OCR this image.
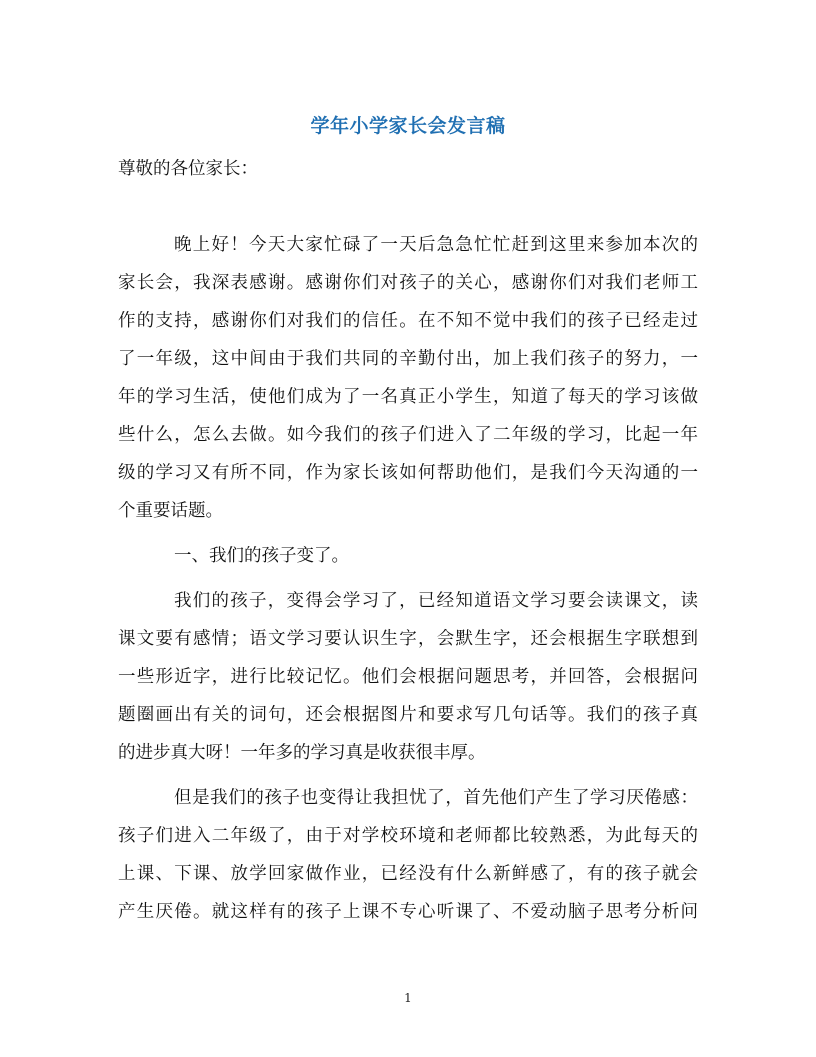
学年小学家长会发言稿
尊敬的各位家长：
晚上好！今天大家忙碌了一天后急急忙忙赶到这里来参加本次的
家长会，我深表感谢。感谢你们对孩子的关心，感谢你们对我们老师工
作的支持，感谢你们对我们的信任。在不知不觉中我们的孩子已经走过
了一年级，这中间由于我们共同的辛勤付出，加上我们孩子的努力，一
年的学习生活，使他们成为了一名真正小学生，知道了每天的学习该做
些什么，怎么去做。如今我们的孩子们进入了二年级的学习，比起一年
级的学习又有所不同，作为家长该如何帮助他们，是我们今天沟通的一
个重要话题。
一、我们的孩子变了。
我们的孩子，变得会学习了，已经知道语文学习要会读课文，读
课文要有感情；语文学习要认识生字，会默生字，还会根据生字联想到
一些形近字，进行比较记忆。他们会根据问题思考，并回答，会根据问
题圈画出有关的词句，还会根据图片和要求写几句话等。我们的孩子真
的进步真大呀！一年多的学习真是收获很丰厚。
但是我们的孩子也变得让我担忧了，首先他们产生了学习厌倦感：
孩子们进入二年级了，由于对学校环境和老师都比较熟悉，为此每天的
上课、下课、放学回家做作业，已经没有什么新鲜感了，有的孩子就会
产生厌倦。就这样有的孩子上课不专心听课了、不爱动脑子思考分析问
1
